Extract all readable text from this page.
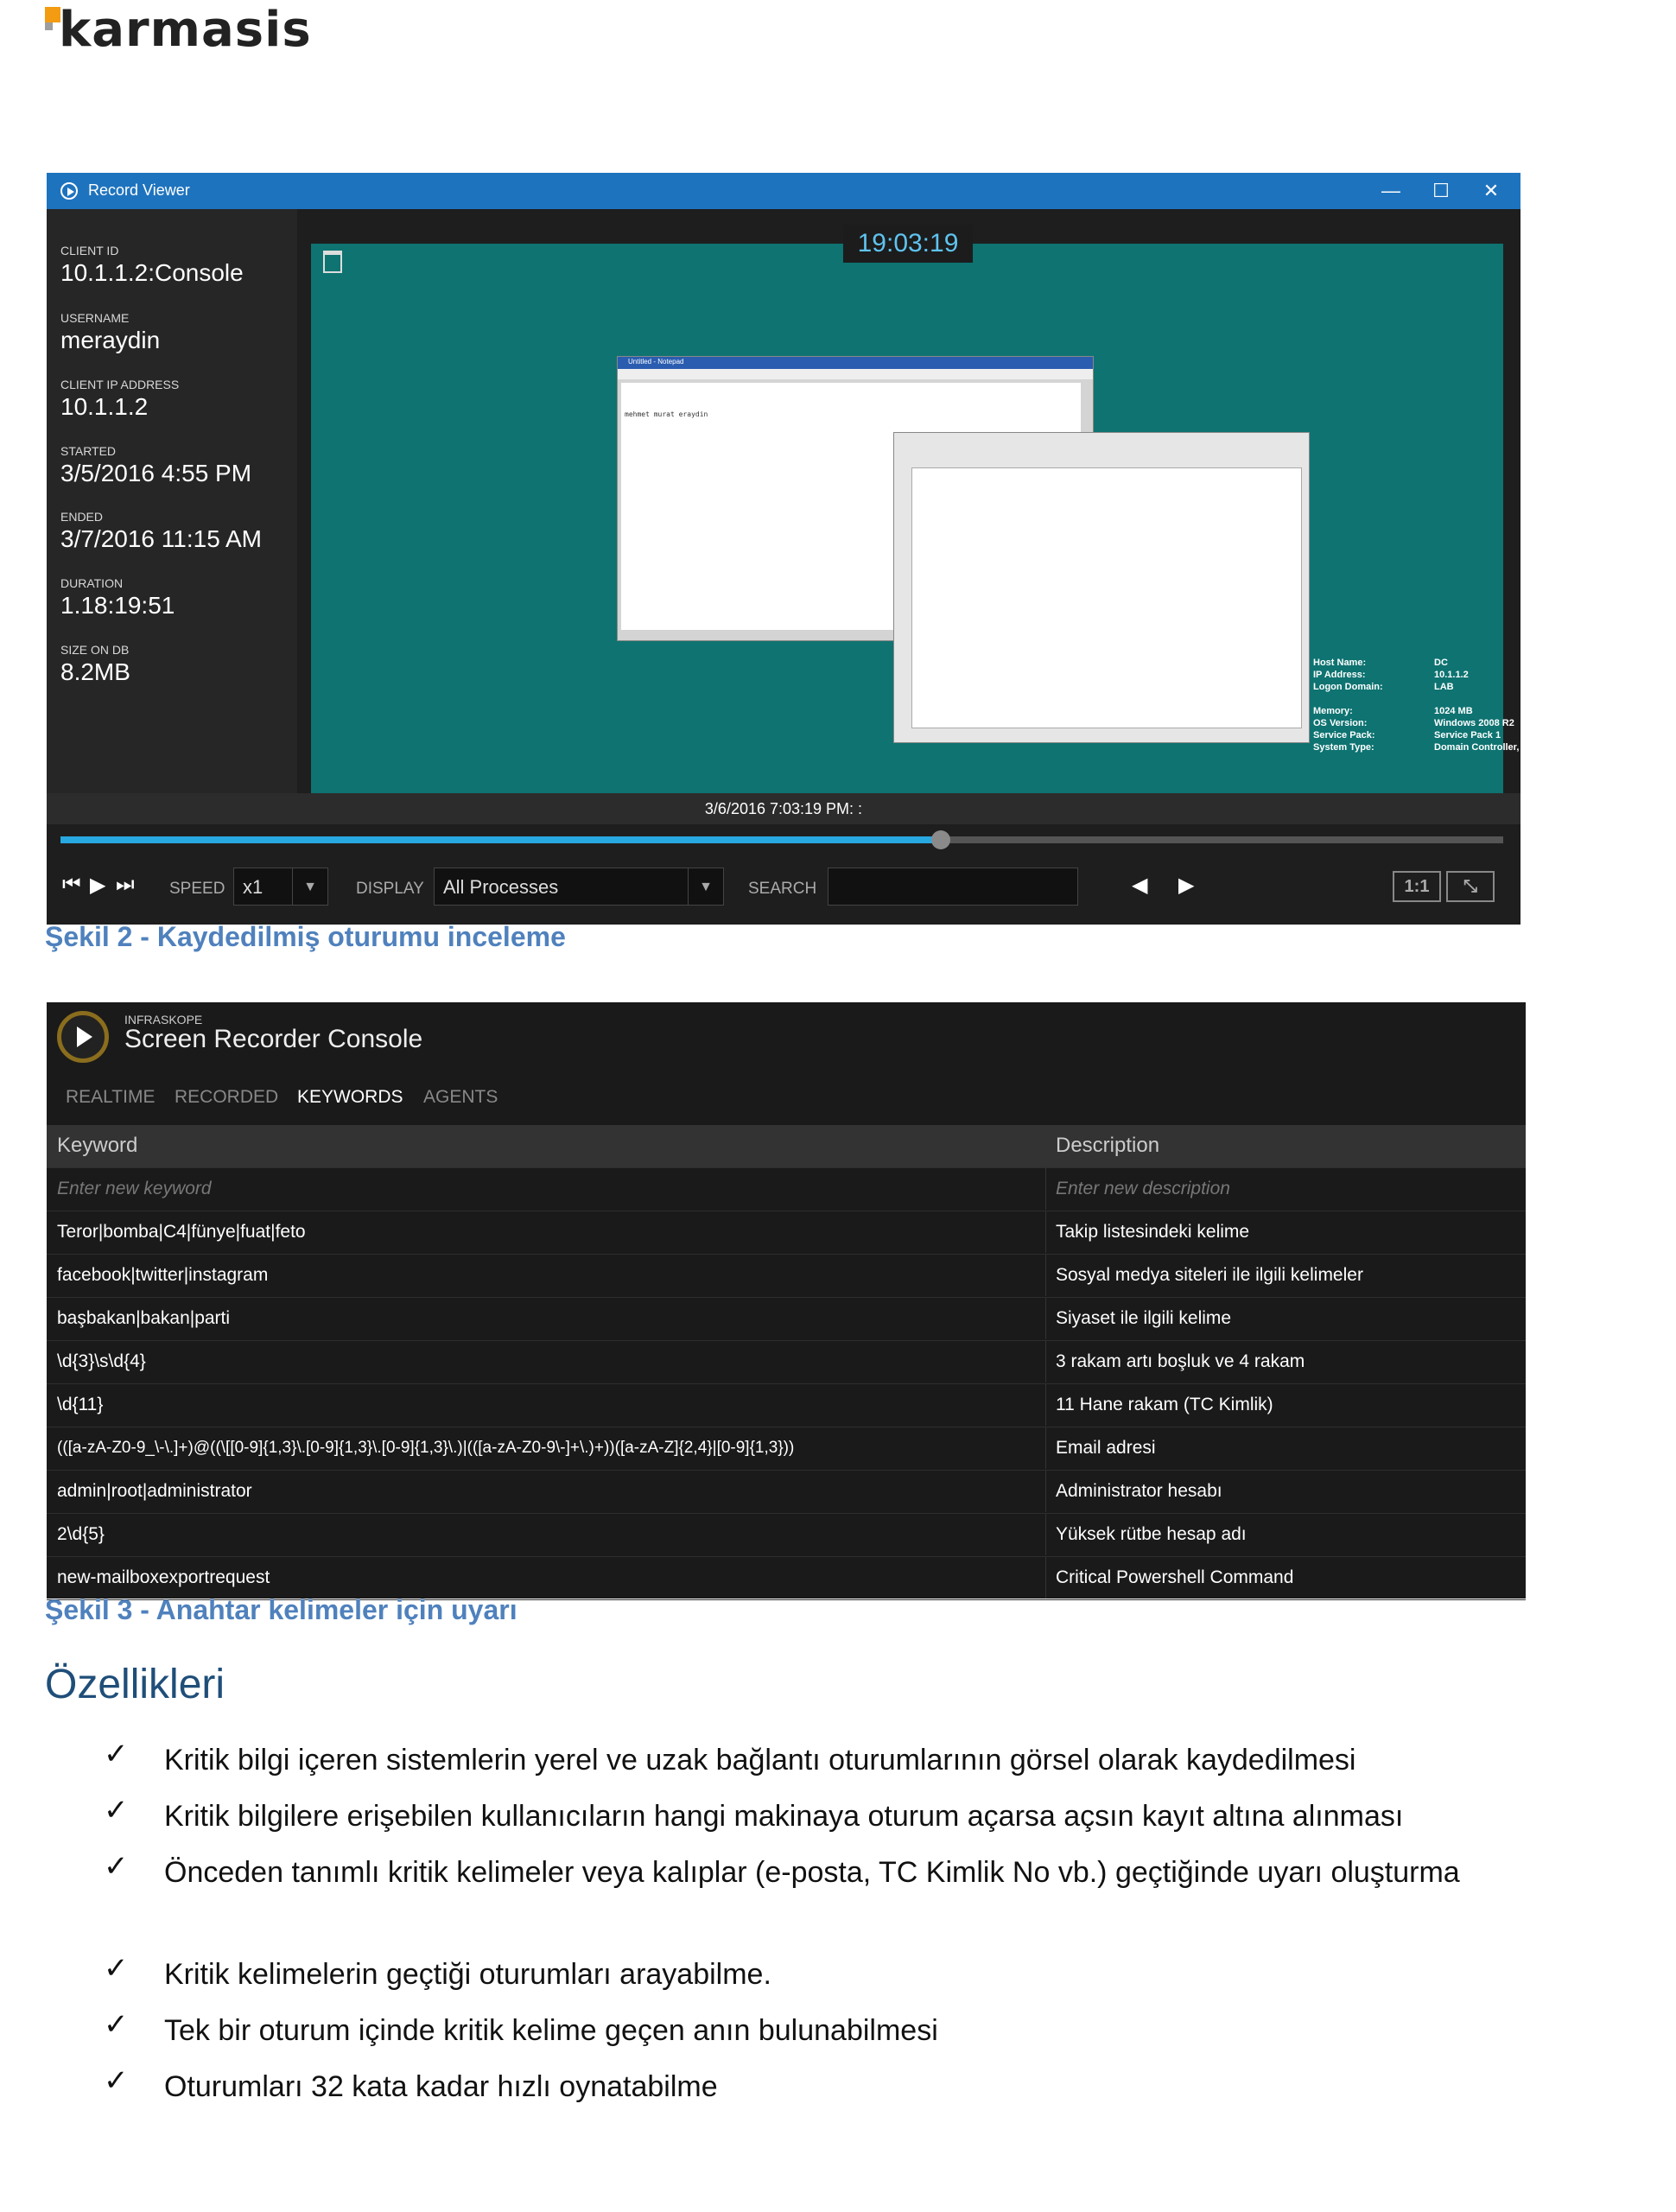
karmasis
Record Viewer	—	☐	✕
CLIENT ID
10.1.1.2:Console
USERNAME
meraydin
CLIENT IP ADDRESS
10.1.1.2
STARTED
3/5/2016 4:55 PM
ENDED
3/7/2016 11:15 AM
DURATION
1.18:19:51
SIZE ON DB
8.2MB
Untitled - Notepad
mehmet murat eraydin
Host Name:	DC
IP Address:	10.1.1.2
Logon Domain:	LAB
Memory:	1024 MB
OS Version:	Windows 2008 R2
Service Pack:	Service Pack 1
System Type:	Domain Controller, Primary, Terminal Server
19:03:19
3/6/2016 7:03:19 PM: :
⏮ ▶ ⏭ SPEED x1	▼	DISPLAY	All Processes	▼	SEARCH	◀ ▶	1:1	⤡
Şekil 2 - Kaydedilmiş oturumu inceleme
INFRASKOPE
Screen Recorder Console
REALTIME RECORDED KEYWORDS AGENTS
Keyword	Description
Enter new keyword	Enter new description
Teror|bomba|C4|fünye|fuat|feto	Takip listesindeki kelime
facebook|twitter|instagram	Sosyal medya siteleri ile ilgili kelimeler
başbakan|bakan|parti	Siyaset ile ilgili kelime
\d{3}\s\d{4}	3 rakam artı boşluk ve 4 rakam
\d{11}	11 Hane rakam (TC Kimlik)
(([a-zA-Z0-9_\-\.]+)@((\[[0-9]{1,3}\.[0-9]{1,3}\.[0-9]{1,3}\.)|(([a-zA-Z0-9\-]+\.)+))([a-zA-Z]{2,4}|[0-9]{1,3}))	Email adresi
admin|root|administrator	Administrator hesabı
2\d{5}	Yüksek rütbe hesap adı
new-mailboxexportrequest	Critical Powershell Command
Şekil 3 - Anahtar kelimeler için uyarı
Özellikleri
✓ Kritik bilgi içeren sistemlerin yerel ve uzak bağlantı oturumlarının görsel olarak kaydedilmesi
✓ Kritik bilgilere erişebilen kullanıcıların hangi makinaya oturum açarsa açsın kayıt altına alınması
✓ Önceden tanımlı kritik kelimeler veya kalıplar (e-posta, TC Kimlik No vb.) geçtiğinde uyarı oluşturma
✓ Kritik kelimelerin geçtiği oturumları arayabilme.
✓ Tek bir oturum içinde kritik kelime geçen anın bulunabilmesi
✓ Oturumları 32 kata kadar hızlı oynatabilme
